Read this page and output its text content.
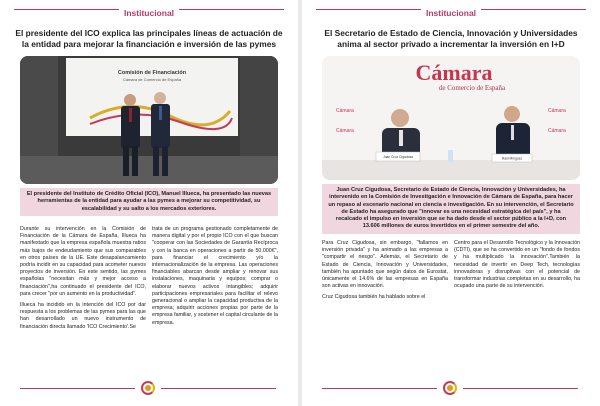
Institucional
El presidente del ICO explica las principales líneas de actuación de la entidad para mejorar la financiación e inversión de las pymes
Comisión de Financiación
Cámara de Comercio de España
El presidente del Instituto de Crédito Oficial (ICO), Manuel Illueca, ha presentado las nuevas herramientas de la entidad para ayudar a las pymes a mejorar su competitividad, su escalabilidad y su salto a los mercados exteriores.

Durante su intervención en la Comisión de Financiación de la Cámara de España, Illueca ha manifestado que la empresa española muestra ratios más bajos de endeudamiento que sus comparables en otros países de la UE. Este desapalancamiento podría incidir en su capacidad para acometer nuevos proyectos de inversión. En este sentido, las pymes españolas "necesitan más y mejor acceso a financiación",ha continuado el presidente del ICO, para crecer "por un aumento en la productividad".

Illueca ha incidido en la intención del ICO por dar respuesta a los problemas de las pymes para las que han desarrollado un nuevo instrumento de financiación directa llamado 'ICO Crecimiento'.Se

trata de un programa gestionado completamente de manera digital y por el propio ICO con el que buscan "cooperar con las Sociedades de Garantía Recíproca y con la banca en operaciones a partir de 50.000€", para financiar el crecimiento y/o la internacionalización de la empresa. Las operaciones financiables abarcan desde ampliar y renovar sus instalaciones, maquinaria y equipos; comprar o elaborar nuevos activos intangibles; adquirir participaciones empresariales para facilitar el relevo generacional o ampliar la capacidad productiva de la empresa; adquirir acciones propias por parte de la empresa familiar, y sostener el capital circulante de la empresa.

Institucional
El Secretario de Estado de Ciencia, Innovación y Universidades anima al sector privado a incrementar la inversión en I+D
Cámara
de Comercio de España
Cámara	Cámara
Cámara	Cámara
Juan Cruz Cigudosa	Raúl Mínguez
Juan Cruz Cigudosa, Secretario de Estado de Ciencia, Innovación y Universidades, ha intervenido en la Comisión de Investigación e Innovación de Cámara de España, para hacer un repaso al escenario nacional en ciencia e investigación. En su intervención, el Secretario de Estado ha asegurado que "innovar es una necesidad estratégica del país", y ha recalcado el impulso en inversión que se ha dado desde el sector público a la I+D, con 13.606 millones de euros invertidos en el primer semestre del año.

Para Cruz Cigudosa, sin embargo, "fallamos en inversión privada" y ha animado a las empresas a "compartir el riesgo". Además, el Secretario de Estado de Ciencia, Innovación y Universidades, también ha apuntado que según datos de Eurostat, únicamente el 14.6% de las empresas en España son activas en innovación.

Cruz Cigudosa también ha hablado sobre el

Centro para el Desarrollo Tecnológico y la Innovación (CDTI), que se ha convertido en un "fondo de fondos y ha multiplicado la innovación".También la necesidad de invertir en Deep Tech, tecnologías innovadoras y disruptivas con el potencial de transformar industrias completas en su desarrollo, ha ocupado una parte de su intervención.
